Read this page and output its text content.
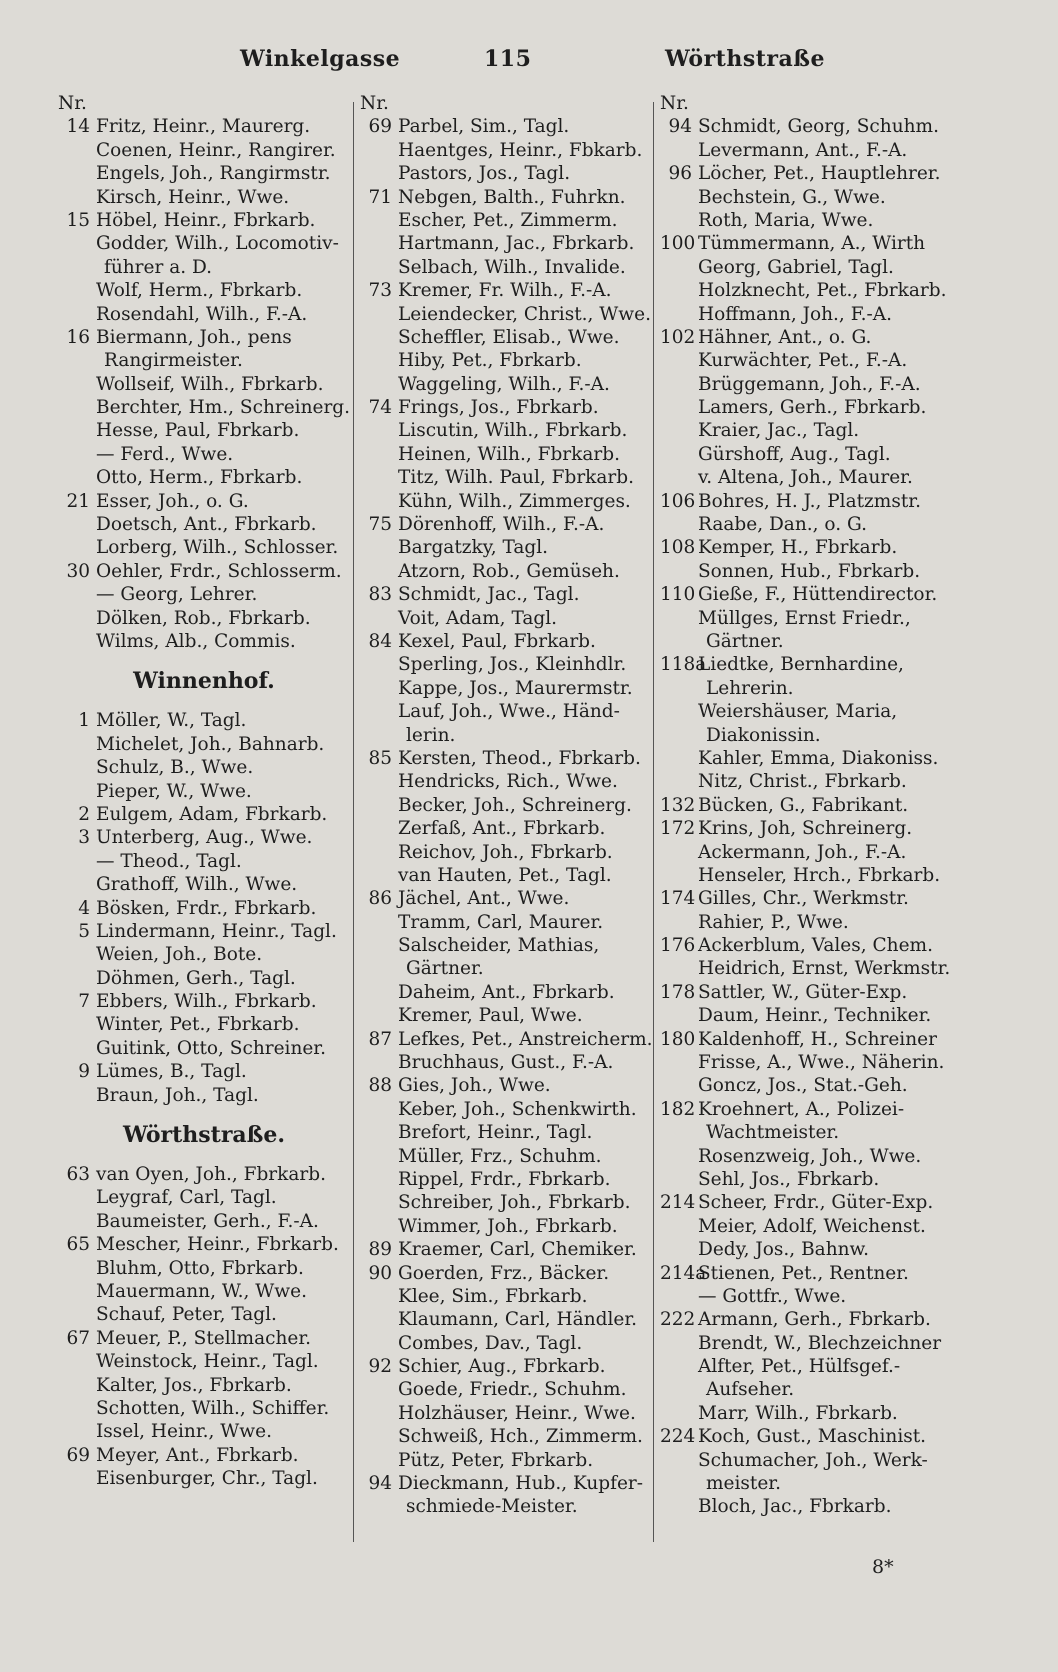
Winkelgasse	115	Wörthstraße
Nr.
14 Fritz, Heinr., Maurerg.
Coenen, Heinr., Rangirer.
Engels, Joh., Rangirmstr.
Kirsch, Heinr., Wwe.
15 Höbel, Heinr., Fbrkarb.
Godder, Wilh., Locomotiv-
führer a. D.
Wolf, Herm., Fbrkarb.
Rosendahl, Wilh., F.-A.
16 Biermann, Joh., pens
Rangirmeister.
Wollseif, Wilh., Fbrkarb.
Berchter, Hm., Schreinerg.
Hesse, Paul, Fbrkarb.
— Ferd., Wwe.
Otto, Herm., Fbrkarb.
21 Esser, Joh., o. G.
Doetsch, Ant., Fbrkarb.
Lorberg, Wilh., Schlosser.
30 Oehler, Frdr., Schlosserm.
— Georg, Lehrer.
Dölken, Rob., Fbrkarb.
Wilms, Alb., Commis.
Winnenhof.
1 Möller, W., Tagl.
Michelet, Joh., Bahnarb.
Schulz, B., Wwe.
Pieper, W., Wwe.
2 Eulgem, Adam, Fbrkarb.
3 Unterberg, Aug., Wwe.
— Theod., Tagl.
Grathoff, Wilh., Wwe.
4 Bösken, Frdr., Fbrkarb.
5 Lindermann, Heinr., Tagl.
Weien, Joh., Bote.
Döhmen, Gerh., Tagl.
7 Ebbers, Wilh., Fbrkarb.
Winter, Pet., Fbrkarb.
Guitink, Otto, Schreiner.
9 Lümes, B., Tagl.
Braun, Joh., Tagl.
Wörthstraße.
63 van Oyen, Joh., Fbrkarb.
Leygraf, Carl, Tagl.
Baumeister, Gerh., F.-A.
65 Mescher, Heinr., Fbrkarb.
Bluhm, Otto, Fbrkarb.
Mauermann, W., Wwe.
Schauf, Peter, Tagl.
67 Meuer, P., Stellmacher.
Weinstock, Heinr., Tagl.
Kalter, Jos., Fbrkarb.
Schotten, Wilh., Schiffer.
Issel, Heinr., Wwe.
69 Meyer, Ant., Fbrkarb.
Eisenburger, Chr., Tagl.
Nr.
69 Parbel, Sim., Tagl.
Haentges, Heinr., Fbkarb.
Pastors, Jos., Tagl.
71 Nebgen, Balth., Fuhrkn.
Escher, Pet., Zimmerm.
Hartmann, Jac., Fbrkarb.
Selbach, Wilh., Invalide.
73 Kremer, Fr. Wilh., F.-A.
Leiendecker, Christ., Wwe.
Scheffler, Elisab., Wwe.
Hiby, Pet., Fbrkarb.
Waggeling, Wilh., F.-A.
74 Frings, Jos., Fbrkarb.
Liscutin, Wilh., Fbrkarb.
Heinen, Wilh., Fbrkarb.
Titz, Wilh. Paul, Fbrkarb.
Kühn, Wilh., Zimmerges.
75 Dörenhoff, Wilh., F.-A.
Bargatzky, Tagl.
Atzorn, Rob., Gemüseh.
83 Schmidt, Jac., Tagl.
Voit, Adam, Tagl.
84 Kexel, Paul, Fbrkarb.
Sperling, Jos., Kleinhdlr.
Kappe, Jos., Maurermstr.
Lauf, Joh., Wwe., Händ-
lerin.
85 Kersten, Theod., Fbrkarb.
Hendricks, Rich., Wwe.
Becker, Joh., Schreinerg.
Zerfaß, Ant., Fbrkarb.
Reichov, Joh., Fbrkarb.
van Hauten, Pet., Tagl.
86 Jächel, Ant., Wwe.
Tramm, Carl, Maurer.
Salscheider, Mathias,
Gärtner.
Daheim, Ant., Fbrkarb.
Kremer, Paul, Wwe.
87 Lefkes, Pet., Anstreicherm.
Bruchhaus, Gust., F.-A.
88 Gies, Joh., Wwe.
Keber, Joh., Schenkwirth.
Brefort, Heinr., Tagl.
Müller, Frz., Schuhm.
Rippel, Frdr., Fbrkarb.
Schreiber, Joh., Fbrkarb.
Wimmer, Joh., Fbrkarb.
89 Kraemer, Carl, Chemiker.
90 Goerden, Frz., Bäcker.
Klee, Sim., Fbrkarb.
Klaumann, Carl, Händler.
Combes, Dav., Tagl.
92 Schier, Aug., Fbrkarb.
Goede, Friedr., Schuhm.
Holzhäuser, Heinr., Wwe.
Schweiß, Hch., Zimmerm.
Pütz, Peter, Fbrkarb.
94 Dieckmann, Hub., Kupfer-
schmiede-Meister.
Nr.
94 Schmidt, Georg, Schuhm.
Levermann, Ant., F.-A.
96 Löcher, Pet., Hauptlehrer.
Bechstein, G., Wwe.
Roth, Maria, Wwe.
100 Tümmermann, A., Wirth
Georg, Gabriel, Tagl.
Holzknecht, Pet., Fbrkarb.
Hoffmann, Joh., F.-A.
102 Hähner, Ant., o. G.
Kurwächter, Pet., F.-A.
Brüggemann, Joh., F.-A.
Lamers, Gerh., Fbrkarb.
Kraier, Jac., Tagl.
Gürshoff, Aug., Tagl.
v. Altena, Joh., Maurer.
106 Bohres, H. J., Platzmstr.
Raabe, Dan., o. G.
108 Kemper, H., Fbrkarb.
Sonnen, Hub., Fbrkarb.
110 Gieße, F., Hüttendirector.
Müllges, Ernst Friedr.,
Gärtner.
118a
Liedtke, Bernhardine,
Lehrerin.
Weiershäuser, Maria,
Diakonissin.
Kahler, Emma, Diakoniss.
Nitz, Christ., Fbrkarb.
132 Bücken, G., Fabrikant.
172 Krins, Joh, Schreinerg.
Ackermann, Joh., F.-A.
Henseler, Hrch., Fbrkarb.
174 Gilles, Chr., Werkmstr.
Rahier, P., Wwe.
176 Ackerblum, Vales, Chem.
Heidrich, Ernst, Werkmstr.
178 Sattler, W., Güter-Exp.
Daum, Heinr., Techniker.
180 Kaldenhoff, H., Schreiner
Frisse, A., Wwe., Näherin.
Goncz, Jos., Stat.-Geh.
182 Kroehnert, A., Polizei-
Wachtmeister.
Rosenzweig, Joh., Wwe.
Sehl, Jos., Fbrkarb.
214 Scheer, Frdr., Güter-Exp.
Meier, Adolf, Weichenst.
Dedy, Jos., Bahnw.
214a
Stienen, Pet., Rentner.
— Gottfr., Wwe.
222 Armann, Gerh., Fbrkarb.
Brendt, W., Blechzeichner
Alfter, Pet., Hülfsgef.-
Aufseher.
Marr, Wilh., Fbrkarb.
224 Koch, Gust., Maschinist.
Schumacher, Joh., Werk-
meister.
Bloch, Jac., Fbrkarb.
8*
